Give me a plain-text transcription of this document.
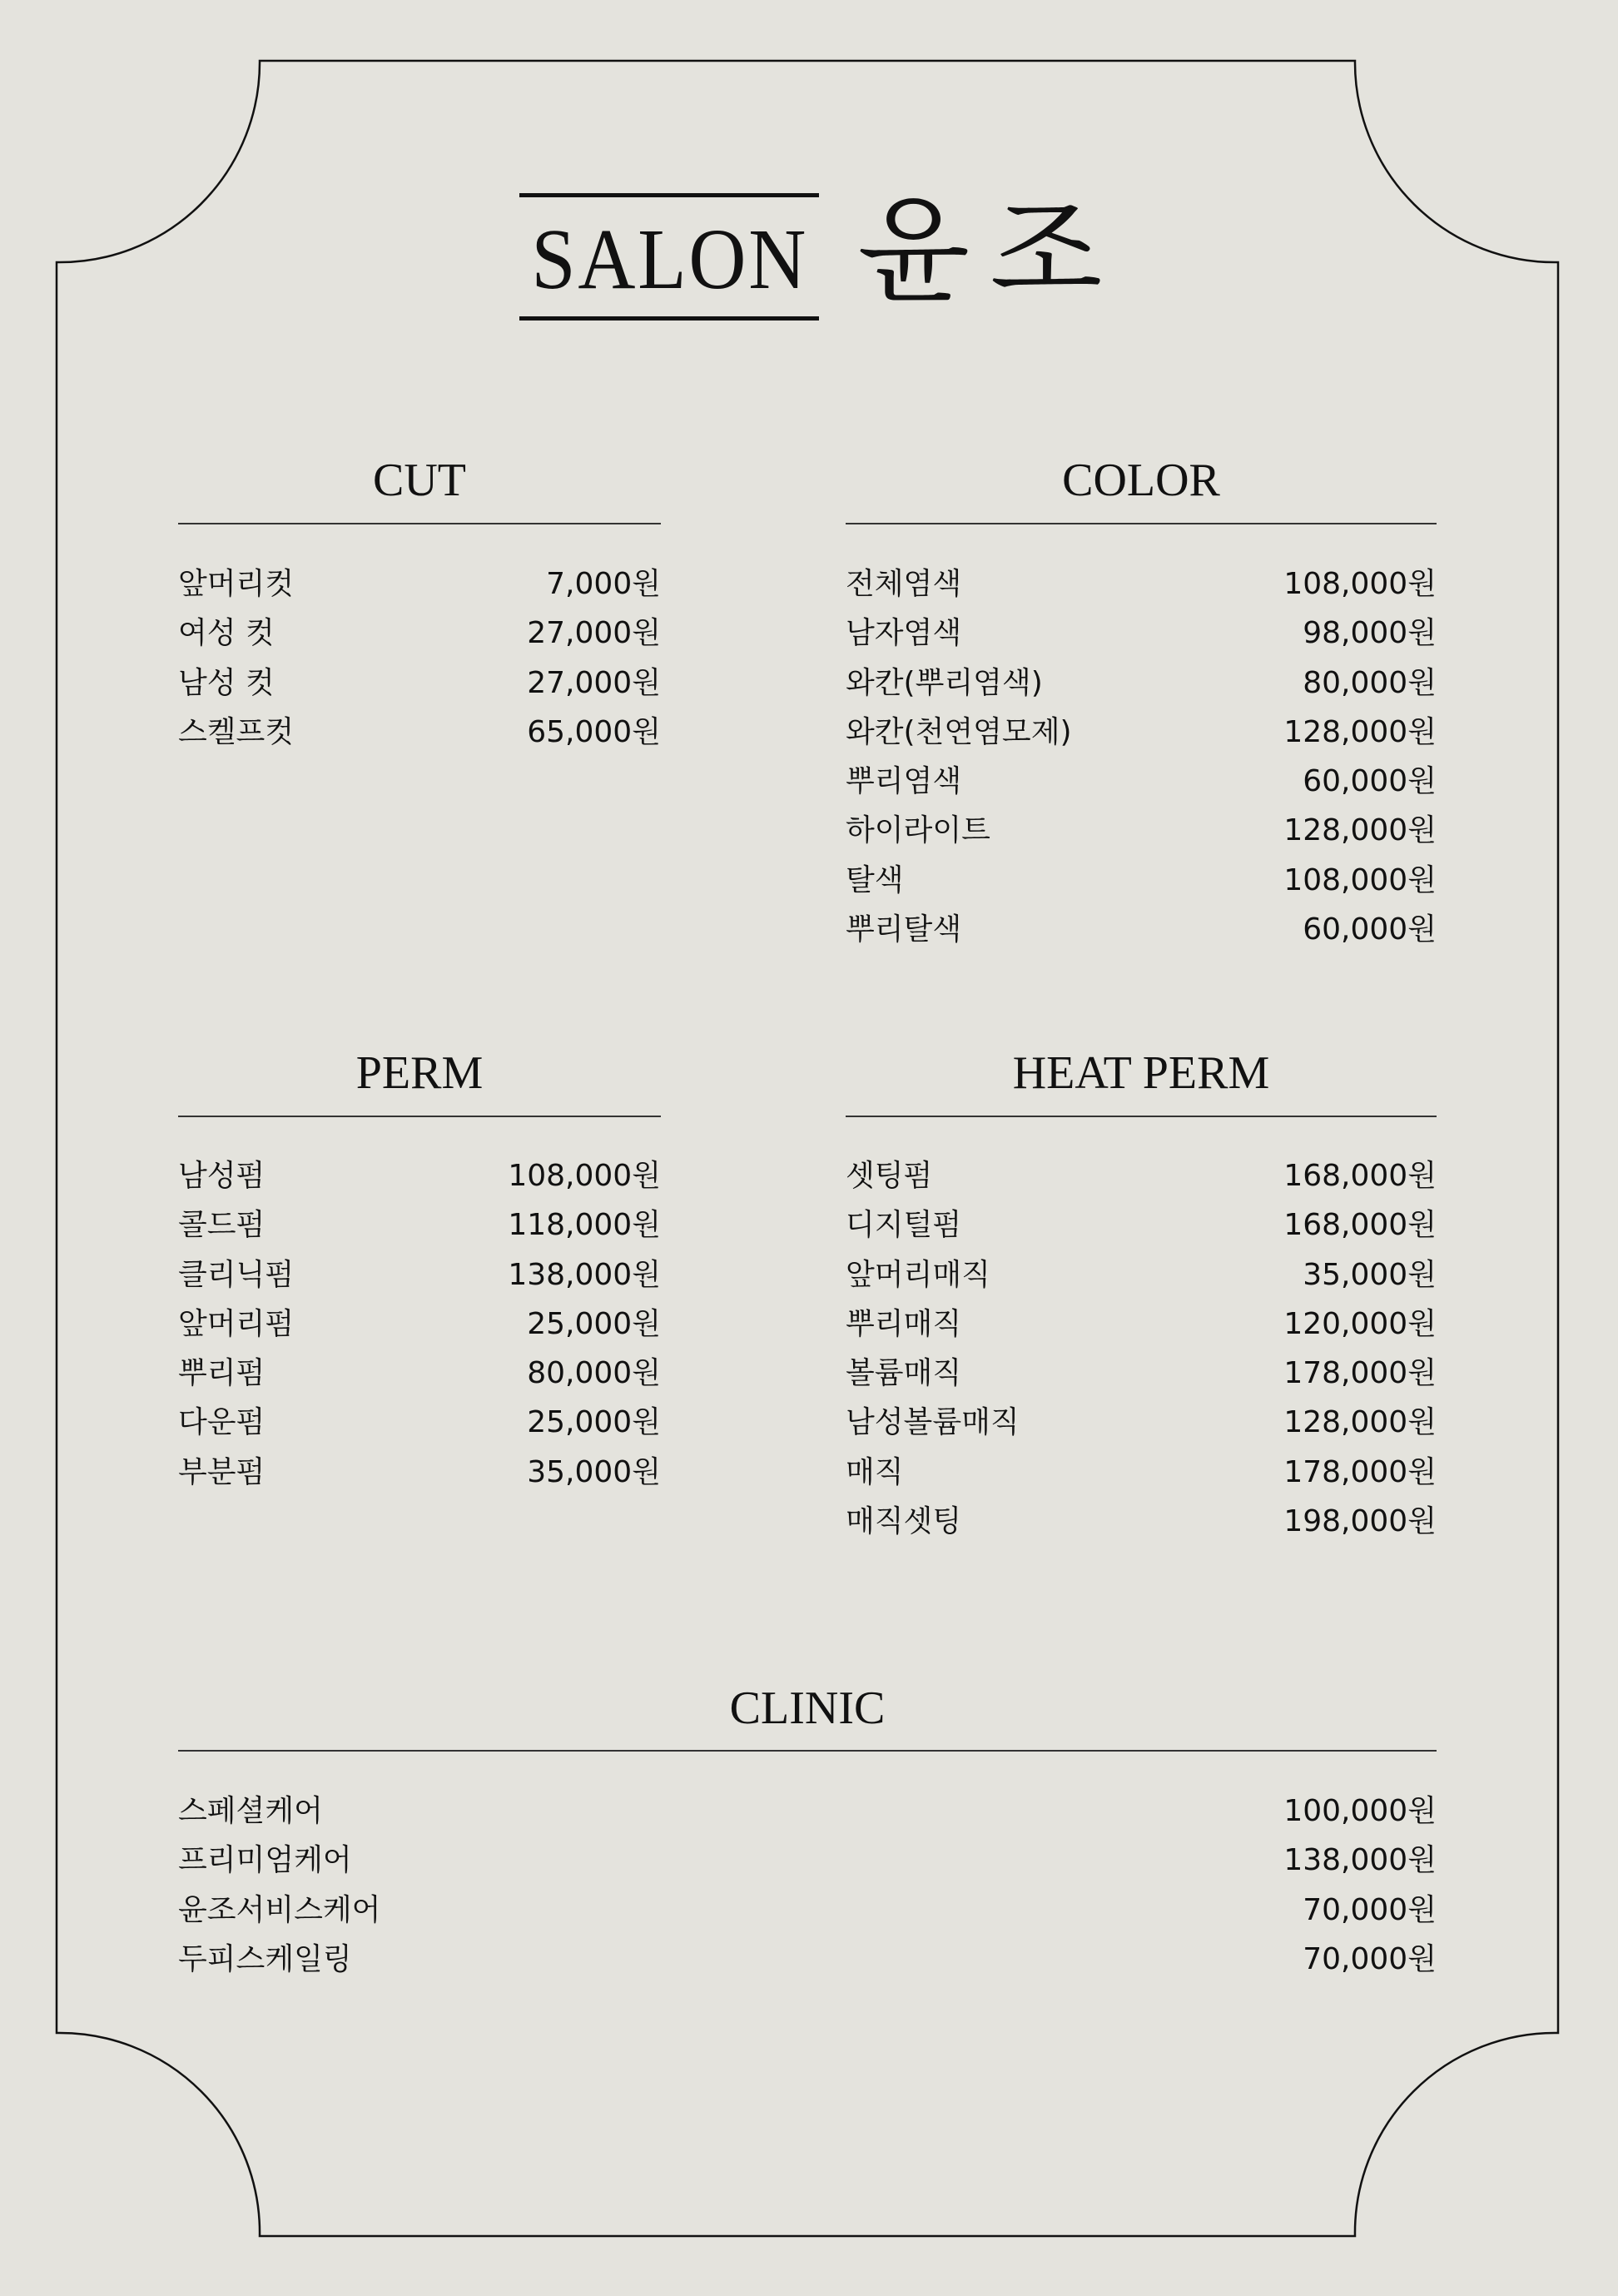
SALON 윤조
CUT
앞머리컷	7,000원
여성 컷	27,000원
남성 컷	27,000원
스켈프컷	65,000원
COLOR
전체염색	108,000원
남자염색	98,000원
와칸(뿌리염색)	80,000원
와칸(천연염모제)	128,000원
뿌리염색	60,000원
하이라이트	128,000원
탈색	108,000원
뿌리탈색	60,000원
PERM
남성펌	108,000원
콜드펌	118,000원
클리닉펌	138,000원
앞머리펌	25,000원
뿌리펌	80,000원
다운펌	25,000원
부분펌	35,000원
HEAT PERM
셋팅펌	168,000원
디지털펌	168,000원
앞머리매직	35,000원
뿌리매직	120,000원
볼륨매직	178,000원
남성볼륨매직	128,000원
매직	178,000원
매직셋팅	198,000원
CLINIC
스페셜케어	100,000원
프리미엄케어	138,000원
윤조서비스케어	70,000원
두피스케일링	70,000원
